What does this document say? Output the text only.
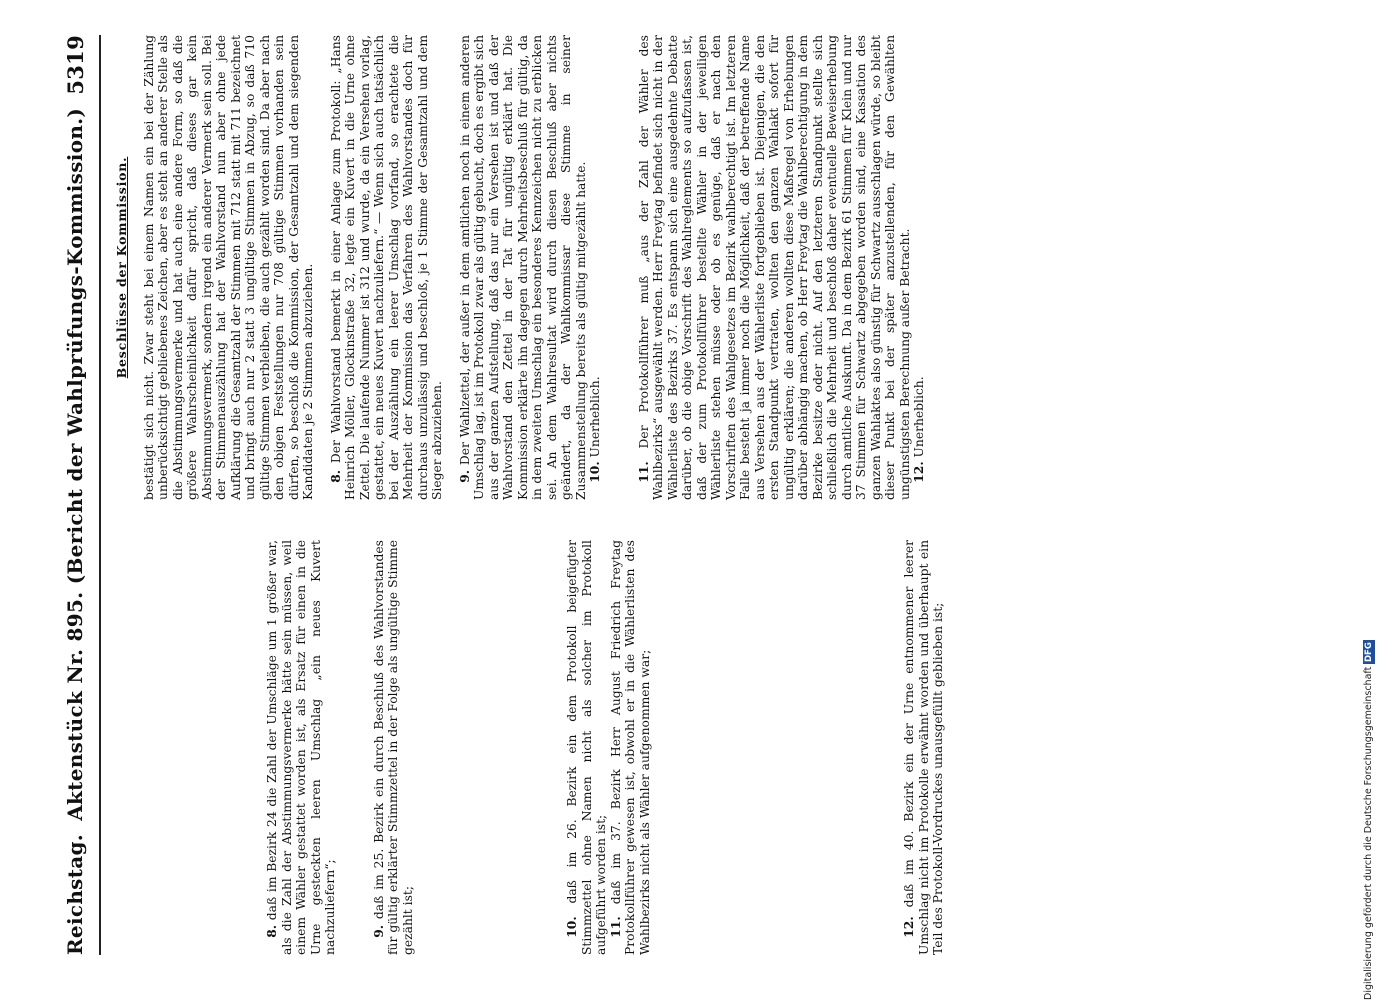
Reichstag.
Aktenstück Nr. 895. (Bericht der Wahlprüfungs-Kommission.)
5319

8. daß im Bezirk 24 die Zahl der Umschläge um 1 größer war, als die Zahl der Abstimmungsvermerke hätte sein müssen, weil einem Wähler gestattet worden ist, als Ersatz für einen in die Urne gesteckten leeren Umschlag „ein neues Kuvert nachzuliefern“;	9. daß im 25. Bezirk ein durch Beschluß des Wahlvorstandes für gültig erklärter Stimmzettel in der Folge als ungültige Stimme gezählt ist;	10. daß im 26. Bezirk ein dem Protokoll beigefügter Stimmzettel ohne Namen nicht als solcher im Protokoll aufgeführt worden ist; 11. daß im 37. Bezirk Herr August Friedrich Freytag Protokollführer gewesen ist, obwohl er in die Wählerlisten des Wahlbezirks nicht als Wähler aufgenommen war;	12. daß im 40. Bezirk ein der Urne entnommener leerer Umschlag nicht im Protokolle erwähnt worden und überhaupt ein Teil des Protokoll-Vordruckes unausgefüllt geblieben ist;

Beschlüsse der Kommission. bestätigt sich nicht. Zwar steht bei einem Namen ein bei der Zählung unberücksichtigt gebliebenes Zeichen, aber es steht an anderer Stelle als die Abstimmungsvermerke und hat auch eine andere Form, so daß die größere Wahrscheinlichkeit dafür spricht, daß dieses gar kein Abstimmungsvermerk, sondern irgend ein anderer Vermerk sein soll. Bei der Stimmenauszählung hat der Wahlvorstand nun aber ohne jede Aufklärung die Gesamtzahl der Stimmen mit 712 statt mit 711 bezeichnet und bringt auch nur 2 statt 3 ungültige Stimmen in Abzug, so daß 710 gültige Stimmen verbleiben, die auch gezählt worden sind. Da aber nach den obigen Feststellungen nur 708 gültige Stimmen vorhanden sein dürfen, so beschloß die Kommission, der Gesamtzahl und dem siegenden Kandidaten je 2 Stimmen abzuziehen. 8. Der Wahlvorstand bemerkt in einer Anlage zum Protokoll: „Hans Heinrich Möller, Glockinstraße 32, legte ein Kuvert in die Urne ohne Zettel. Die laufende Nummer ist 312 und wurde, da ein Versehen vorlag, gestattet, ein neues Kuvert nachzuliefern.“ — Wenn sich auch tatsächlich bei der Auszählung ein leerer Umschlag vorfand, so erachtete die Mehrheit der Kommission das Verfahren des Wahlvorstandes doch für durchaus unzulässig und beschloß, je 1 Stimme der Gesamtzahl und dem Sieger abzuziehen. 9. Der Wahlzettel, der außer in dem amtlichen noch in einem anderen Umschlag lag, ist im Protokoll zwar als gültig gebucht, doch es ergibt sich aus der ganzen Aufstellung, daß das nur ein Versehen ist und daß der Wahlvorstand den Zettel in der Tat für ungültig erklärt hat. Die Kommission erklärte ihn dagegen durch Mehrheitsbeschluß für gültig, da in dem zweiten Umschlag ein besonderes Kennzeichen nicht zu erblicken sei. An dem Wahlresultat wird durch diesen Beschluß aber nichts geändert, da der Wahlkommissar diese Stimme in seiner Zusammenstellung bereits als gültig mitgezählt hatte. 10. Unerheblich.

11. Der Protokollführer muß „aus der Zahl der Wähler des Wahlbezirks“ ausgewählt werden. Herr Freytag befindet sich nicht in der Wählerliste des Bezirks 37. Es entspann sich eine ausgedehnte Debatte darüber, ob die obige Vorschrift des Wahlreglements so aufzufassen ist, daß der zum Protokollführer bestellte Wähler in der jeweiligen Wählerliste stehen müsse oder ob es genüge, daß er nach den Vorschriften des Wahlgesetzes im Bezirk wahlberechtigt ist. Im letzteren Falle besteht ja immer noch die Möglichkeit, daß der betreffende Name aus Versehen aus der Wählerliste fortgeblieben ist. Diejenigen, die den ersten Standpunkt vertraten, wollten den ganzen Wahlakt sofort für ungültig erklären; die anderen wollten diese Maßregel von Erhebungen darüber abhängig machen, ob Herr Freytag die Wahlberechtigung in dem Bezirke besitze oder nicht. Auf den letzteren Standpunkt stellte sich schließlich die Mehrheit und beschloß daher eventuelle Beweiserhebung durch amtliche Auskunft. Da in dem Bezirk 61 Stimmen für Klein und nur 37 Stimmen für Schwartz abgegeben worden sind, eine Kassation des ganzen Wahlaktes also günstig für Schwartz ausschlagen würde, so bleibt dieser Punkt bei der später anzustellenden, für den Gewählten ungünstigsten Berechnung außer Betracht. 12. Unerheblich.

Digitalisierung gefördert durch die Deutsche Forschungsgemeinschaft DFG
